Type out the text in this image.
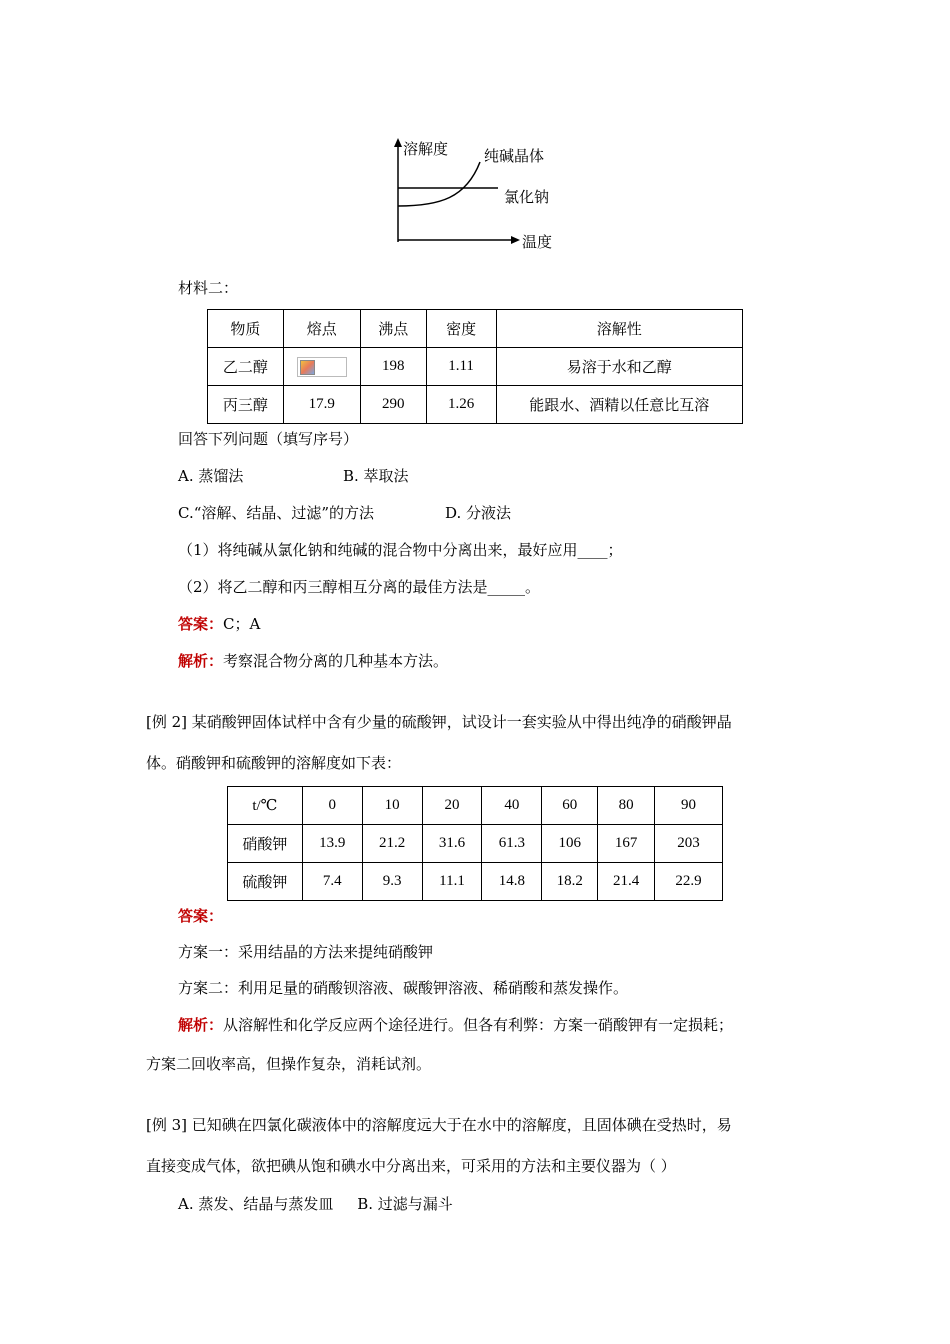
溶解度 纯碱晶体
氯化钠
温度
材料二：
物质	熔点	沸点	密度	溶解性
乙二醇		198	1.11	易溶于水和乙醇
丙三醇	17.9	290	1.26	能跟水、酒精以任意比互溶
回答下列问题（填写序号）
A. 蒸馏法	B. 萃取法
C.“溶解、结晶、过滤”的方法	D. 分液法
（1）将纯碱从氯化钠和纯碱的混合物中分离出来，最好应用____；
（2）将乙二醇和丙三醇相互分离的最佳方法是_____。
答案：C；A
解析：考察混合物分离的几种基本方法。
[例 2] 某硝酸钾固体试样中含有少量的硫酸钾，试设计一套实验从中得出纯净的硝酸钾晶
体。硝酸钾和硫酸钾的溶解度如下表：
t/℃	0	10	20	40	60	80	90
硝酸钾	13.9	21.2	31.6	61.3	106	167	203
硫酸钾	7.4	9.3	11.1	14.8	18.2	21.4	22.9
答案：
方案一：采用结晶的方法来提纯硝酸钾
方案二：利用足量的硝酸钡溶液、碳酸钾溶液、稀硝酸和蒸发操作。
解析：从溶解性和化学反应两个途径进行。但各有利弊：方案一硝酸钾有一定损耗；
方案二回收率高，但操作复杂，消耗试剂。
[例 3] 已知碘在四氯化碳液体中的溶解度远大于在水中的溶解度，且固体碘在受热时，易
直接变成气体，欲把碘从饱和碘水中分离出来，可采用的方法和主要仪器为（ ）
A. 蒸发、结晶与蒸发皿     B. 过滤与漏斗
